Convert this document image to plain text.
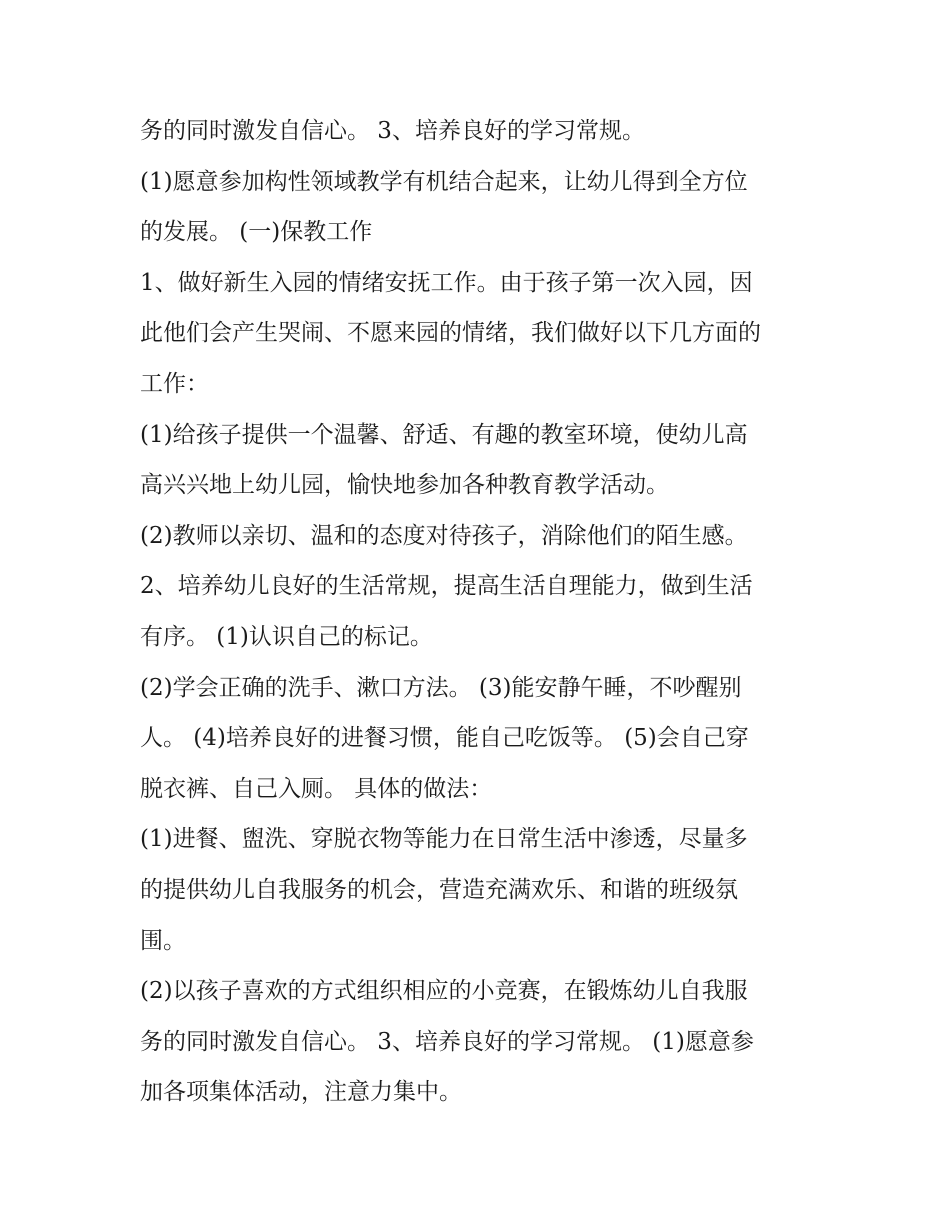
务的同时激发自信心。 3、培养良好的学习常规。

(1)愿意参加构性领域教学有机结合起来，让幼儿得到全方位

的发展。 (一)保教工作

1、做好新生入园的情绪安抚工作。由于孩子第一次入园，因

此他们会产生哭闹、不愿来园的情绪，我们做好以下几方面的

工作：

(1)给孩子提供一个温馨、舒适、有趣的教室环境，使幼儿高

高兴兴地上幼儿园，愉快地参加各种教育教学活动。

(2)教师以亲切、温和的态度对待孩子，消除他们的陌生感。

2、培养幼儿良好的生活常规，提高生活自理能力，做到生活

有序。 (1)认识自己的标记。

(2)学会正确的洗手、漱口方法。 (3)能安静午睡，不吵醒别

人。 (4)培养良好的进餐习惯，能自己吃饭等。 (5)会自己穿

脱衣裤、自己入厕。 具体的做法：

(1)进餐、盥洗、穿脱衣物等能力在日常生活中渗透，尽量多

的提供幼儿自我服务的机会，营造充满欢乐、和谐的班级氛

围。

(2)以孩子喜欢的方式组织相应的小竞赛，在锻炼幼儿自我服

务的同时激发自信心。 3、培养良好的学习常规。 (1)愿意参

加各项集体活动，注意力集中。
